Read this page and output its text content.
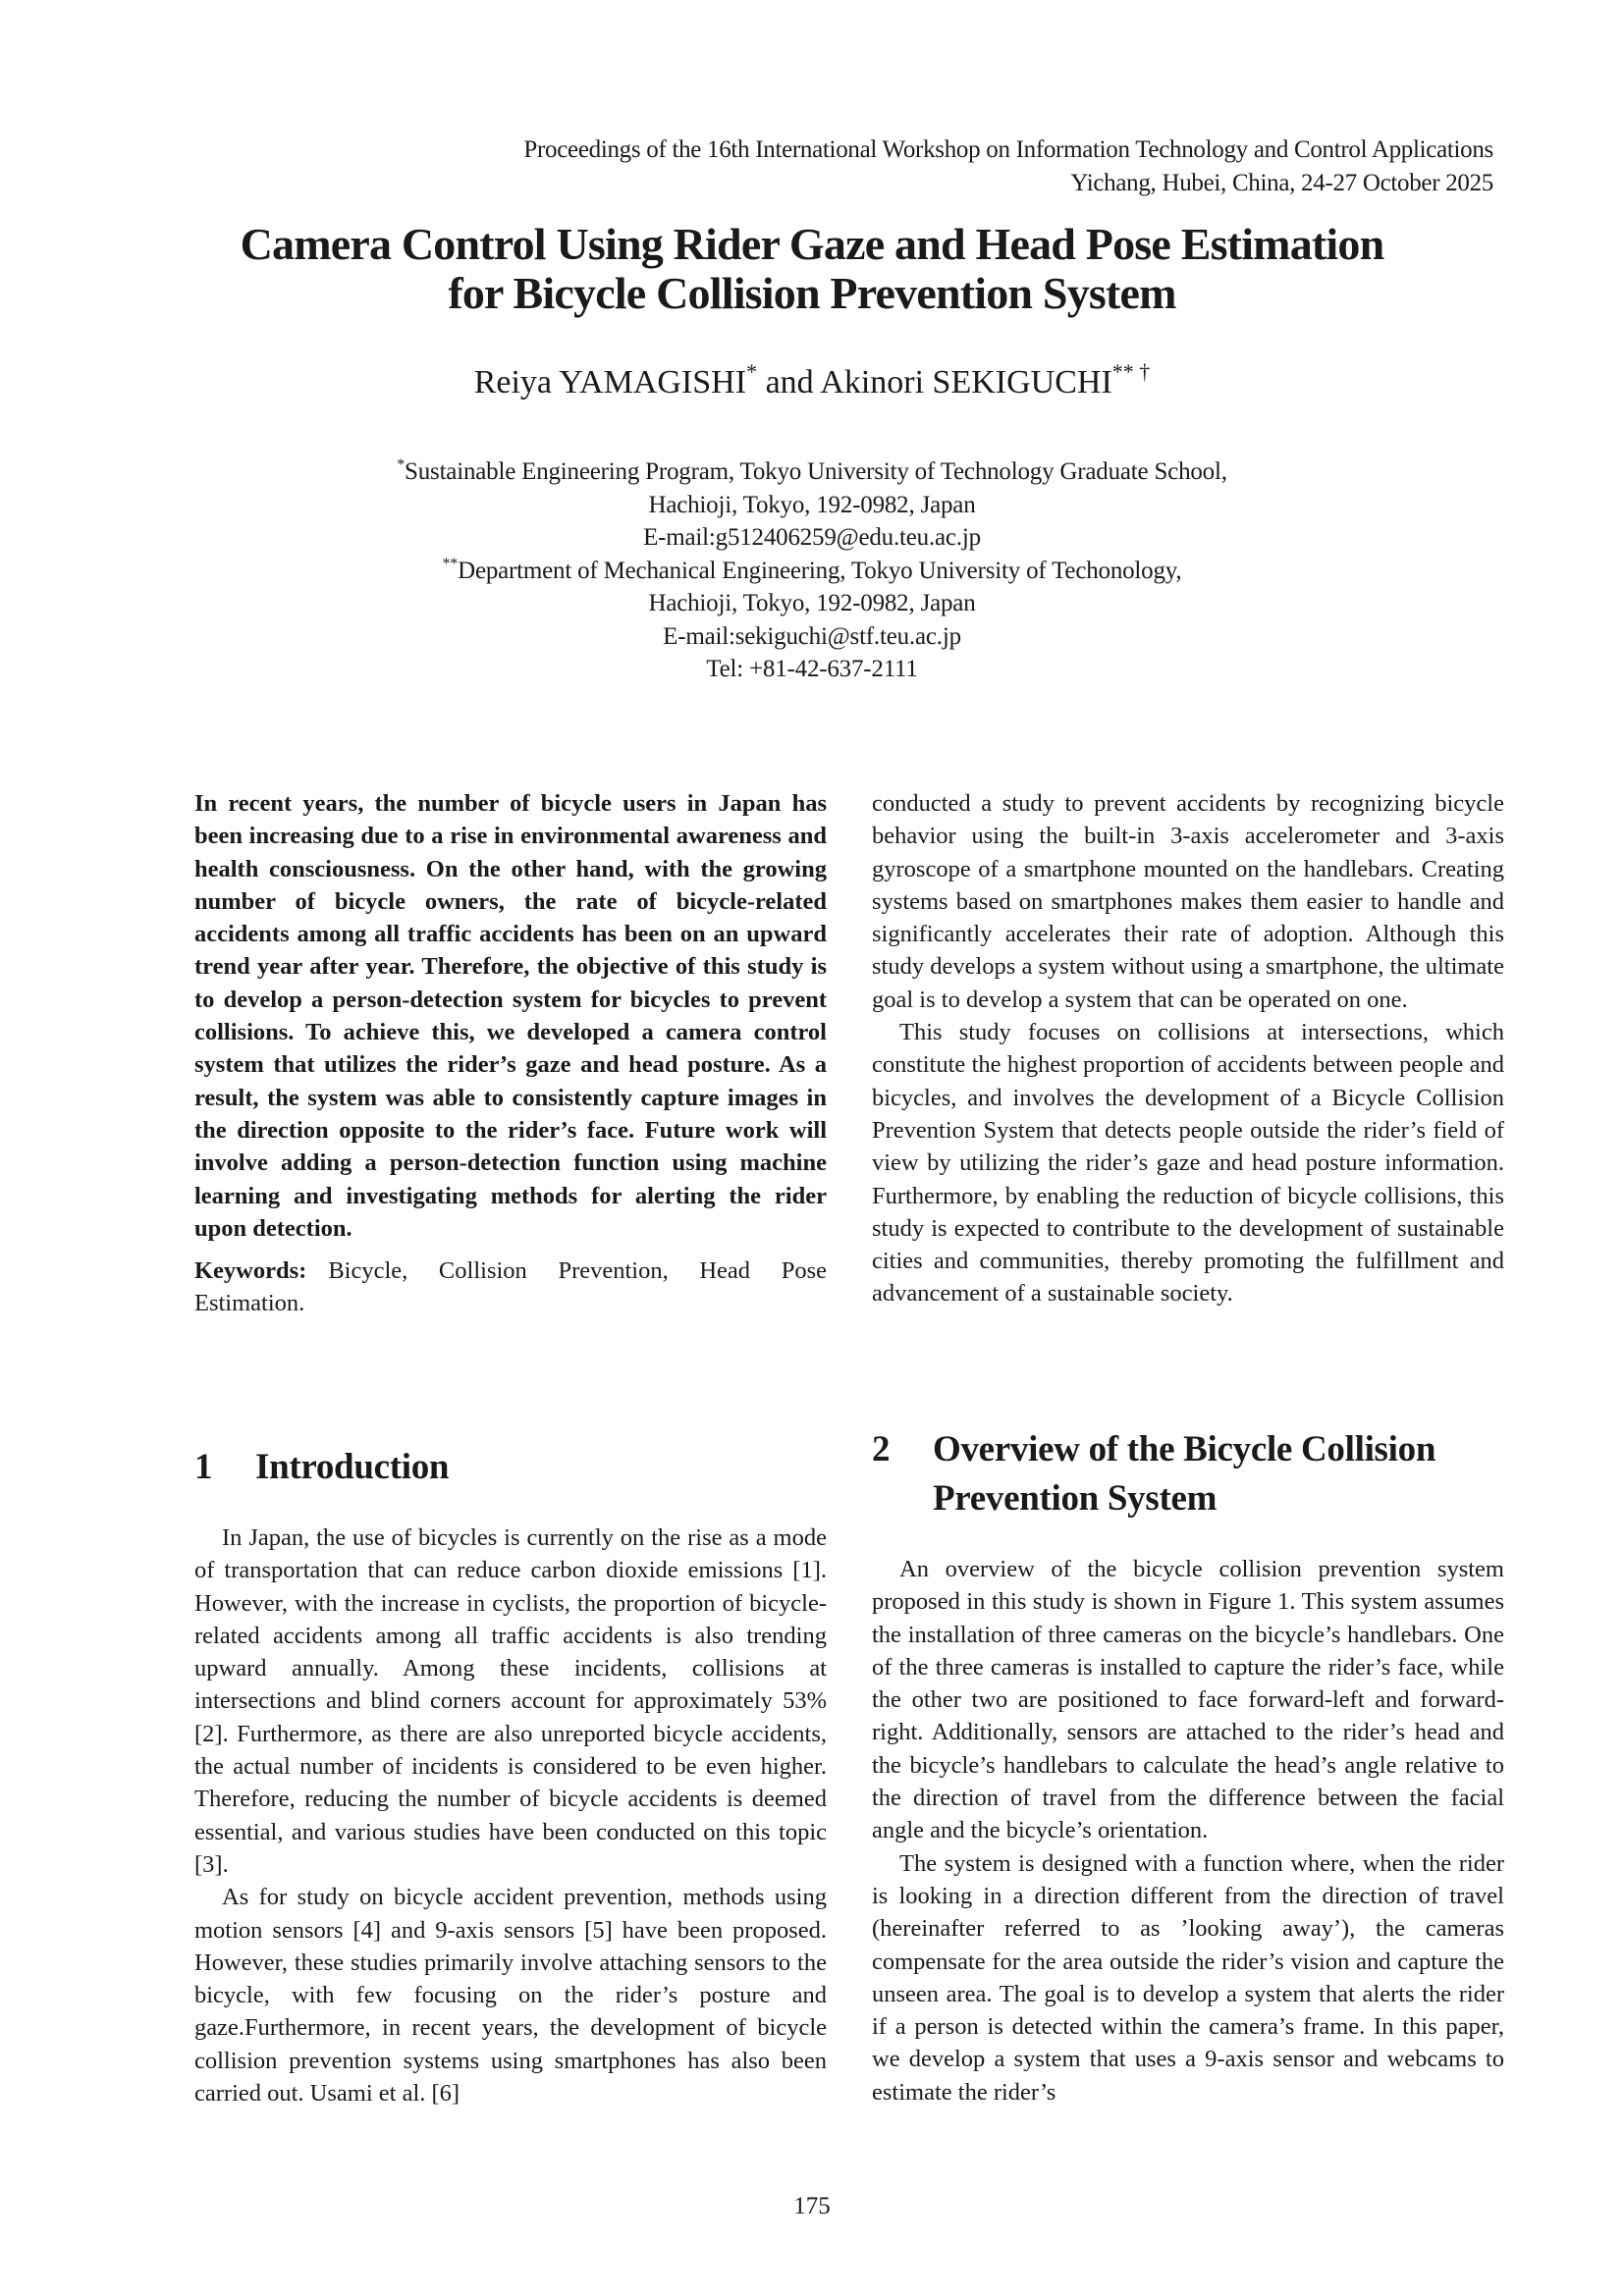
Proceedings of the 16th International Workshop on Information Technology and Control Applications
Yichang, Hubei, China, 24-27 October 2025
Camera Control Using Rider Gaze and Head Pose Estimation
for Bicycle Collision Prevention System
Reiya YAMAGISHI* and Akinori SEKIGUCHI** †
*Sustainable Engineering Program, Tokyo University of Technology Graduate School,
Hachioji, Tokyo, 192-0982, Japan
E-mail:g512406259@edu.teu.ac.jp
**Department of Mechanical Engineering, Tokyo University of Techonology,
Hachioji, Tokyo, 192-0982, Japan
E-mail:sekiguchi@stf.teu.ac.jp
Tel: +81-42-637-2111

In recent years, the number of bicycle users in Japan has been increasing due to a rise in environmental awareness and health consciousness. On the other hand, with the growing number of bicycle owners, the rate of bicycle-related accidents among all traffic accidents has been on an upward trend year after year. Therefore, the objective of this study is to develop a person-detection system for bicycles to prevent collisions. To achieve this, we developed a camera control system that utilizes the rider’s gaze and head posture. As a result, the system was able to consistently capture images in the direction opposite to the rider’s face. Future work will involve adding a person-detection function using machine learning and investigating methods for alerting the rider upon detection.

Keywords: Bicycle, Collision Prevention, Head Pose Estimation.

1	Introduction

In Japan, the use of bicycles is currently on the rise as a mode of transportation that can reduce carbon dioxide emissions [1]. However, with the increase in cyclists, the proportion of bicycle-related accidents among all traffic accidents is also trending upward annually. Among these incidents, collisions at intersections and blind corners account for approximately 53% [2]. Furthermore, as there are also unreported bicycle accidents, the actual number of incidents is considered to be even higher. Therefore, reducing the number of bicycle accidents is deemed essential, and various studies have been conducted on this topic [3].

As for study on bicycle accident prevention, methods using motion sensors [4] and 9-axis sensors [5] have been proposed. However, these studies primarily involve attaching sensors to the bicycle, with few focusing on the rider’s posture and gaze.Furthermore, in recent years, the development of bicycle collision prevention systems using smartphones has also been carried out. Usami et al. [6]

conducted a study to prevent accidents by recognizing bicycle behavior using the built-in 3-axis accelerometer and 3-axis gyroscope of a smartphone mounted on the handlebars. Creating systems based on smartphones makes them easier to handle and significantly accelerates their rate of adoption. Although this study develops a system without using a smartphone, the ultimate goal is to develop a system that can be operated on one.

This study focuses on collisions at intersections, which constitute the highest proportion of accidents between people and bicycles, and involves the development of a Bicycle Collision Prevention System that detects people outside the rider’s field of view by utilizing the rider’s gaze and head posture information. Furthermore, by enabling the reduction of bicycle collisions, this study is expected to contribute to the development of sustainable cities and communities, thereby promoting the fulfillment and advancement of a sustainable society.

2	Overview of the Bicycle Collision Prevention System

An overview of the bicycle collision prevention system proposed in this study is shown in Figure 1. This system assumes the installation of three cameras on the bicycle’s handlebars. One of the three cameras is installed to capture the rider’s face, while the other two are positioned to face forward-left and forward-right. Additionally, sensors are attached to the rider’s head and the bicycle’s handlebars to calculate the head’s angle relative to the direction of travel from the difference between the facial angle and the bicycle’s orientation.

The system is designed with a function where, when the rider is looking in a direction different from the direction of travel (hereinafter referred to as ’looking away’), the cameras compensate for the area outside the rider’s vision and capture the unseen area. The goal is to develop a system that alerts the rider if a person is detected within the camera’s frame. In this paper, we develop a system that uses a 9-axis sensor and webcams to estimate the rider’s

175
